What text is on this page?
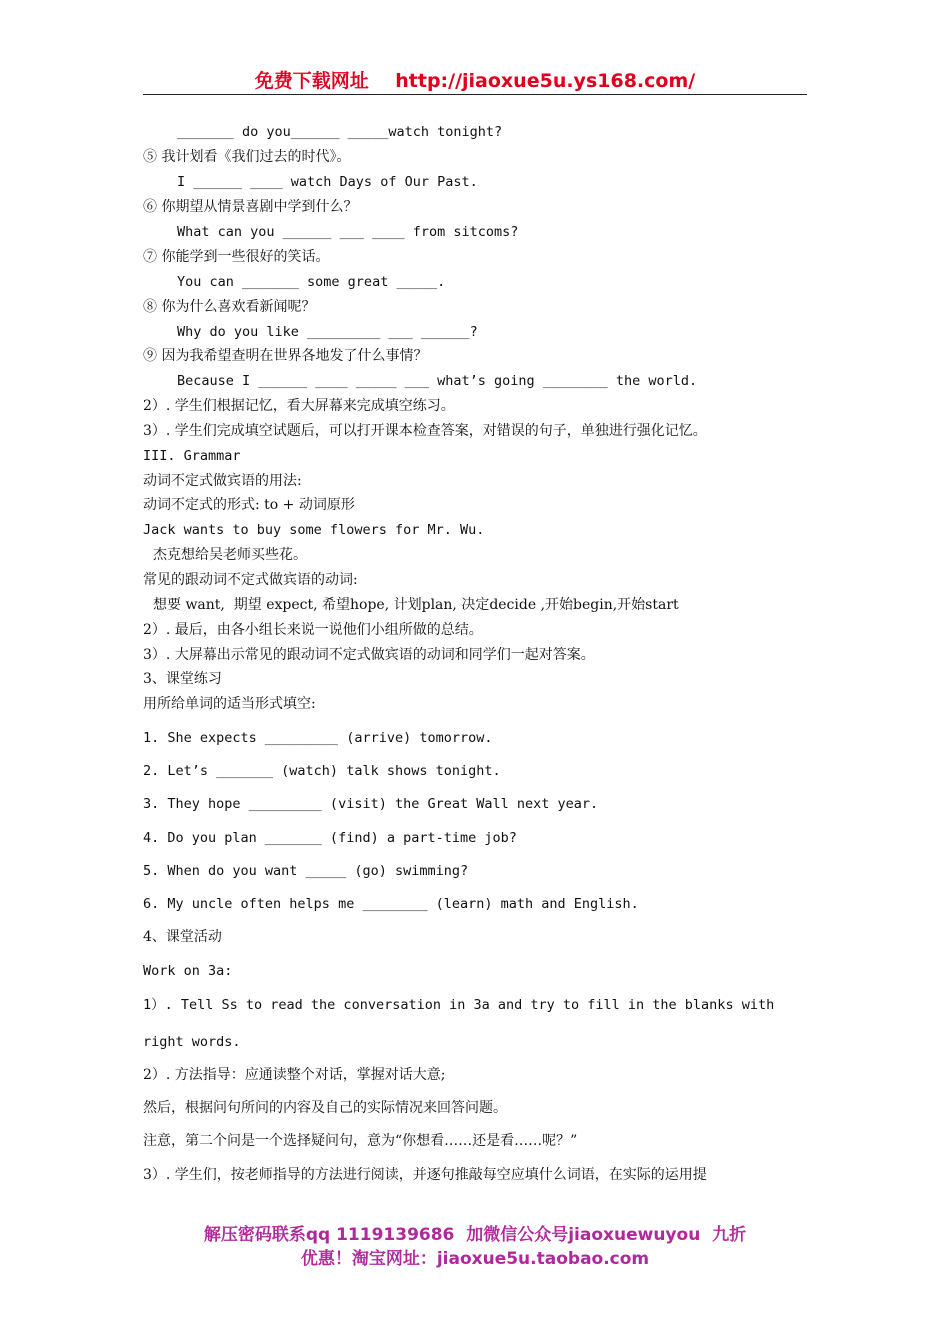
免费下载网址    http://jiaoxue5u.ys168.com/
_______ do you______ _____watch tonight?
⑤ 我计划看《我们过去的时代》。
I ______ ____ watch Days of Our Past.
⑥ 你期望从情景喜剧中学到什么？
What can you ______ ___ ____ from sitcoms?
⑦ 你能学到一些很好的笑话。
You can _______ some great _____.
⑧ 你为什么喜欢看新闻呢？
Why do you like _________ ___ ______?
⑨ 因为我希望查明在世界各地发了什么事情？
Because I ______ ____ _____ ___ what’s going ________ the world.
2）. 学生们根据记忆，看大屏幕来完成填空练习。
3）. 学生们完成填空试题后，可以打开课本检查答案，对错误的句子，单独进行强化记忆。
III. Grammar
动词不定式做宾语的用法:
动词不定式的形式: to + 动词原形
Jack wants to buy some flowers for Mr. Wu.
杰克想给吴老师买些花。
常见的跟动词不定式做宾语的动词:
想要 want,  期望 expect, 希望hope, 计划plan, 决定decide ,开始begin,开始start
2）. 最后，由各小组长来说一说他们小组所做的总结。
3）. 大屏幕出示常见的跟动词不定式做宾语的动词和同学们一起对答案。
3、课堂练习
用所给单词的适当形式填空:
1. She expects _________ (arrive) tomorrow.
2. Let’s _______ (watch) talk shows tonight.
3. They hope _________ (visit) the Great Wall next year.
4. Do you plan _______ (find) a part-time job?
5. When do you want _____ (go) swimming?
6. My uncle often helps me ________ (learn) math and English.
4、课堂活动
Work on 3a:
1）. Tell Ss to read the conversation in 3a and try to fill in the blanks with
right words.
2）. 方法指导：应通读整个对话，掌握对话大意;
然后，根据问句所问的内容及自己的实际情况来回答问题。
注意，第二个问是一个选择疑问句，意为“你想看……还是看……呢？”
3）. 学生们，按老师指导的方法进行阅读，并逐句推敲每空应填什么词语，在实际的运用提
解压密码联系qq 1119139686  加微信公众号jiaoxuewuyou  九折
优惠！淘宝网址：jiaoxue5u.taobao.com
